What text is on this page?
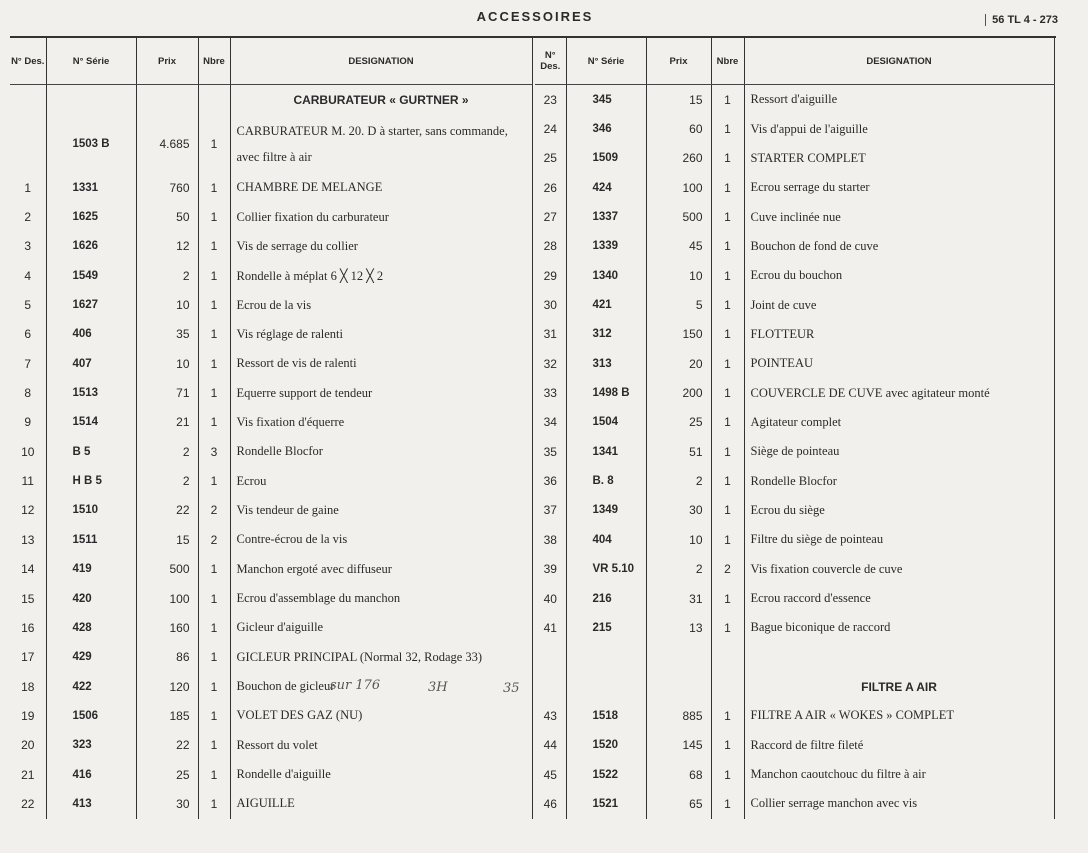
ACCESSOIRES	56 TL 4 - 273
N° Des.	N° Série	Prix	Nbre	DESIGNATION
				CARBURATEUR « GURTNER »
	1503 B	4.685	1	CARBURATEUR M. 20. D à starter, sans commande, avec filtre à air
1	1331	760	1	CHAMBRE DE MELANGE
2	1625	50	1	Collier fixation du carburateur
3	1626	12	1	Vis de serrage du collier
4	1549	2	1	Rondelle à méplat 6 ╳ 12 ╳ 2
5	1627	10	1	Ecrou de la vis
6	406	35	1	Vis réglage de ralenti
7	407	10	1	Ressort de vis de ralenti
8	1513	71	1	Equerre support de tendeur
9	1514	21	1	Vis fixation d'équerre
10	B 5	2	3	Rondelle Blocfor
11	H B 5	2	1	Ecrou
12	1510	22	2	Vis tendeur de gaine
13	1511	15	2	Contre-écrou de la vis
14	419	500	1	Manchon ergoté avec diffuseur
15	420	100	1	Ecrou d'assemblage du manchon
16	428	160	1	Gicleur d'aiguille
17	429	86	1	GICLEUR PRINCIPAL (Normal 32, Rodage 33)
18	422	120	1	Bouchon de gicleur
19	1506	185	1	VOLET DES GAZ (NU)
20	323	22	1	Ressort du volet
21	416	25	1	Rondelle d'aiguille
22	413	30	1	AIGUILLE
N° Des.	N° Série	Prix	Nbre	DESIGNATION
23	345	15	1	Ressort d'aiguille
24	346	60	1	Vis d'appui de l'aiguille
25	1509	260	1	STARTER COMPLET
26	424	100	1	Ecrou serrage du starter
27	1337	500	1	Cuve inclinée nue
28	1339	45	1	Bouchon de fond de cuve
29	1340	10	1	Ecrou du bouchon
30	421	5	1	Joint de cuve
31	312	150	1	FLOTTEUR
32	313	20	1	POINTEAU
33	1498 B	200	1	COUVERCLE DE CUVE avec agitateur monté
34	1504	25	1	Agitateur complet
35	1341	51	1	Siège de pointeau
36	B. 8	2	1	Rondelle Blocfor
37	1349	30	1	Ecrou du siège
38	404	10	1	Filtre du siège de pointeau
39	VR 5.10	2	2	Vis fixation couvercle de cuve
40	216	31	1	Ecrou raccord d'essence
41	215	13	1	Bague biconique de raccord

				FILTRE A AIR
43	1518	885	1	FILTRE A AIR « WOKES » COMPLET
44	1520	145	1	Raccord de filtre fileté
45	1522	68	1	Manchon caoutchouc du filtre à air
46	1521	65	1	Collier serrage manchon avec vis
sur 176	3H	35
